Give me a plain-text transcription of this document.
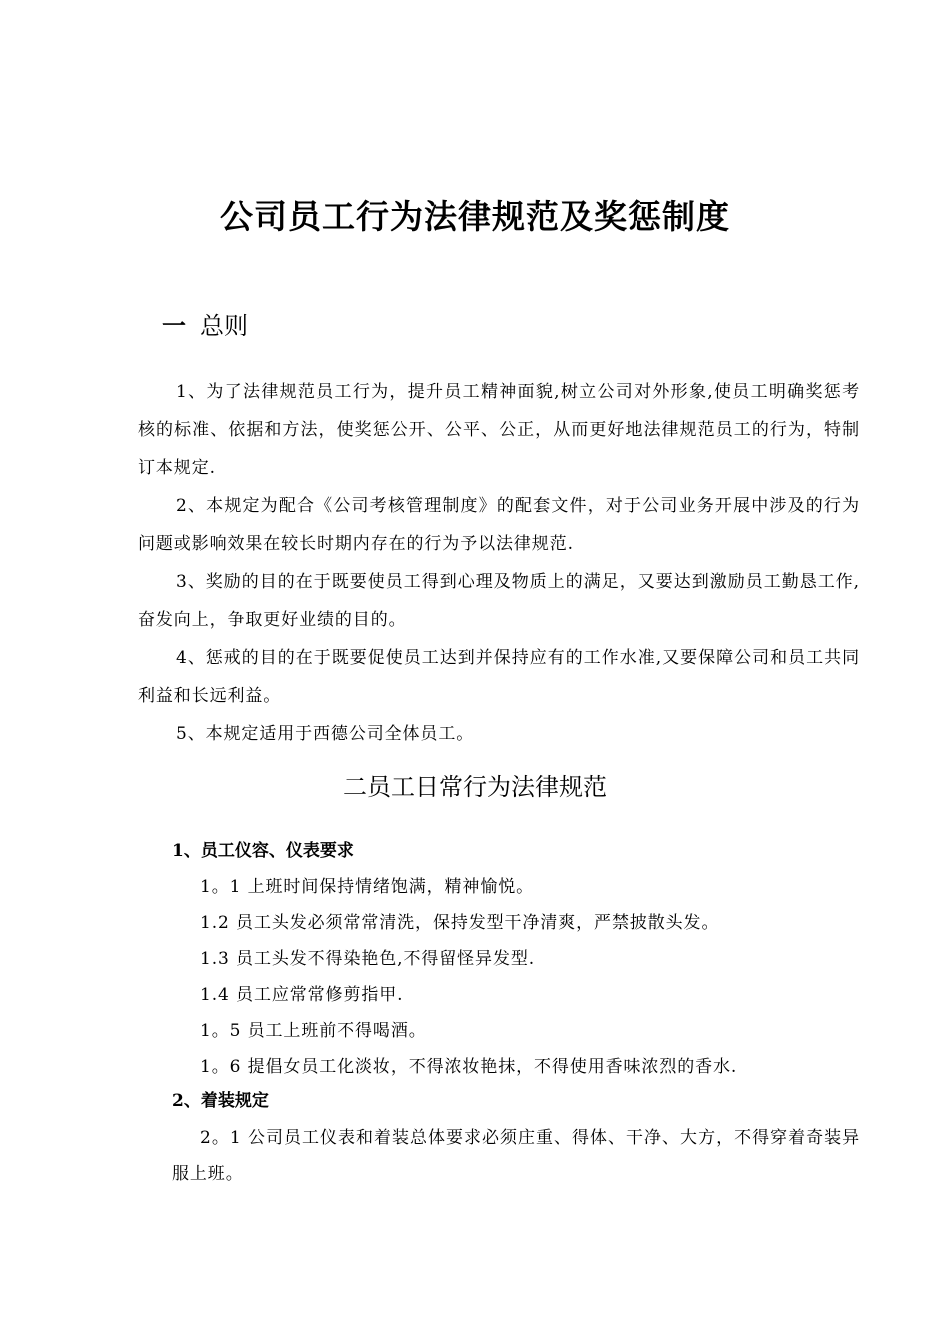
公司员工行为法律规范及奖惩制度
一 总则

1、为了法律规范员工行为，提升员工精神面貌,树立公司对外形象,使员工明确奖惩考核的标准、依据和方法，使奖惩公开、公平、公正，从而更好地法律规范员工的行为，特制订本规定.

2、本规定为配合《公司考核管理制度》的配套文件，对于公司业务开展中涉及的行为问题或影响效果在较长时期内存在的行为予以法律规范.

3、奖励的目的在于既要使员工得到心理及物质上的满足，又要达到激励员工勤恳工作,奋发向上，争取更好业绩的目的。

4、惩戒的目的在于既要促使员工达到并保持应有的工作水准,又要保障公司和员工共同利益和长远利益。

5、本规定适用于西德公司全体员工。

二员工日常行为法律规范
1、员工仪容、仪表要求
1。1 上班时间保持情绪饱满，精神愉悦。
1.2 员工头发必须常常清洗，保持发型干净清爽，严禁披散头发。
1.3 员工头发不得染艳色,不得留怪异发型.
1.4 员工应常常修剪指甲.
1。5 员工上班前不得喝酒。
1。6 提倡女员工化淡妆，不得浓妆艳抹，不得使用香味浓烈的香水.
2、着装规定

2。1 公司员工仪表和着装总体要求必须庄重、得体、干净、大方，不得穿着奇装异服上班。
